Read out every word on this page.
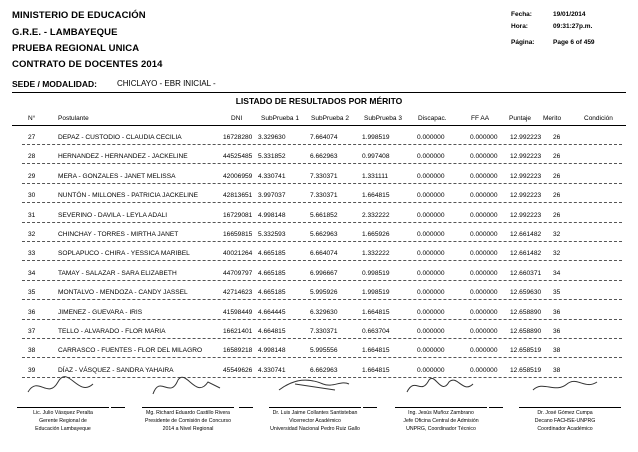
MINISTERIO DE EDUCACIÓN
G.R.E. - LAMBAYEQUE
PRUEBA REGIONAL UNICA
CONTRATO DE DOCENTES 2014
Fecha:	19/01/2014
Hora:	09:31:27p.m.
Página:	Page 6 of 459
SEDE / MODALIDAD:	CHICLAYO - EBR INICIAL -
LISTADO DE RESULTADOS POR MÉRITO
N°	Postulante	DNI	SubPrueba 1 SubPrueba 2 SubPrueba 3 Discapac.	FF AA	Puntaje Merito	Condición
27	DEPAZ - CUSTODIO - CLAUDIA CECILIA	16728280 3.329630	7.664074	1.998519	0.000000	0.000000 12.992223 26
28	HERNANDEZ - HERNANDEZ - JACKELINE	44525485 5.331852	6.662963	0.997408	0.000000	0.000000 12.992223 26
29	MERA - GONZALES - JANET MELISSA	42006959 4.330741	7.330371	1.331111	0.000000	0.000000 12.992223 26
30	NUNTÓN - MILLONES - PATRICIA JACKELINE	42813651 3.997037	7.330371	1.664815	0.000000	0.000000 12.992223 26
31	SEVERINO - DAVILA - LEYLA ADALI	16729081 4.998148	5.661852	2.332222	0.000000	0.000000 12.992223 26
32	CHINCHAY - TORRES - MIRTHA JANET	16659815 5.332593	5.662963	1.665926	0.000000	0.000000 12.661482 32
33	SOPLAPUCO - CHIRA - YESSICA MARIBEL	40021264 4.665185	6.664074	1.332222	0.000000	0.000000 12.661482 32
34	TAMAY - SALAZAR - SARA ELIZABETH	44709797 4.665185	6.996667	0.998519	0.000000	0.000000 12.660371 34
35	MONTALVO - MENDOZA - CANDY JASSEL	42714623 4.665185	5.995926	1.998519	0.000000	0.000000 12.659630 35
36	JIMENEZ - GUEVARA - IRIS	41598449 4.664445	6.329630	1.664815	0.000000	0.000000 12.658890 36
37	TELLO - ALVARADO - FLOR MARIA	16621401 4.664815	7.330371	0.663704	0.000000	0.000000 12.658890 36
38	CARRASCO - FUENTES - FLOR DEL MILAGRO	16589218 4.998148	5.995556	1.664815	0.000000	0.000000 12.658519 38
39	DÍAZ - VÁSQUEZ - SANDRA YAHAIRA	45549626 4.330741	6.662963	1.664815	0.000000	0.000000 12.658519 38
Lic. Julio Vásquez Peralta
Gerente Regional de
Educación Lambayeque
Mg. Richard Eduardo Castillo Rivera
Presidente de Comisión de Concurso
2014 a Nivel Regional
Dr. Luis Jaime Collantes Santisteban
Vicerrector Académico
Universidad Nacional Pedro Ruiz Gallo
Ing. Jesús Muñoz Zambrano
Jefe Oficina Central de Admisión
UNPRG, Coordinador Técnico
Dr. José Gómez Cumpa
Decano FACHSE-UNPRG
Coordinador Académico
